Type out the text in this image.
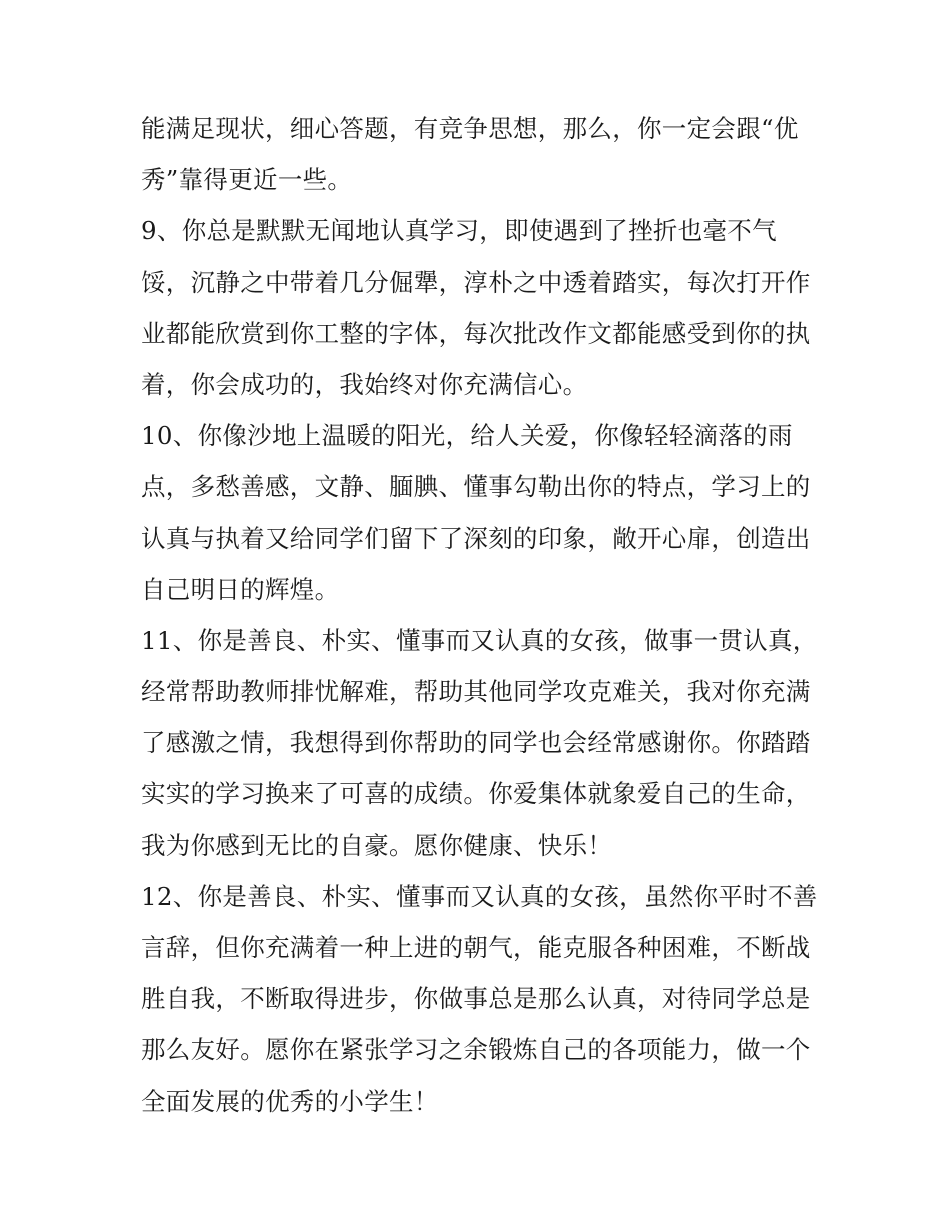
能满足现状，细心答题，有竞争思想，那么，你一定会跟“优
秀”靠得更近一些。
9、你总是默默无闻地认真学习，即使遇到了挫折也毫不气
馁，沉静之中带着几分倔犟，淳朴之中透着踏实，每次打开作
业都能欣赏到你工整的字体，每次批改作文都能感受到你的执
着，你会成功的，我始终对你充满信心。
10、你像沙地上温暖的阳光，给人关爱，你像轻轻滴落的雨
点，多愁善感，文静、腼腆、懂事勾勒出你的特点，学习上的
认真与执着又给同学们留下了深刻的印象，敞开心扉，创造出
自己明日的辉煌。
11、你是善良、朴实、懂事而又认真的女孩，做事一贯认真，
经常帮助教师排忧解难，帮助其他同学攻克难关，我对你充满
了感激之情，我想得到你帮助的同学也会经常感谢你。你踏踏
实实的学习换来了可喜的成绩。你爱集体就象爱自己的生命，
我为你感到无比的自豪。愿你健康、快乐！
12、你是善良、朴实、懂事而又认真的女孩，虽然你平时不善
言辞，但你充满着一种上进的朝气，能克服各种困难，不断战
胜自我，不断取得进步，你做事总是那么认真，对待同学总是
那么友好。愿你在紧张学习之余锻炼自己的各项能力，做一个
全面发展的优秀的小学生！
